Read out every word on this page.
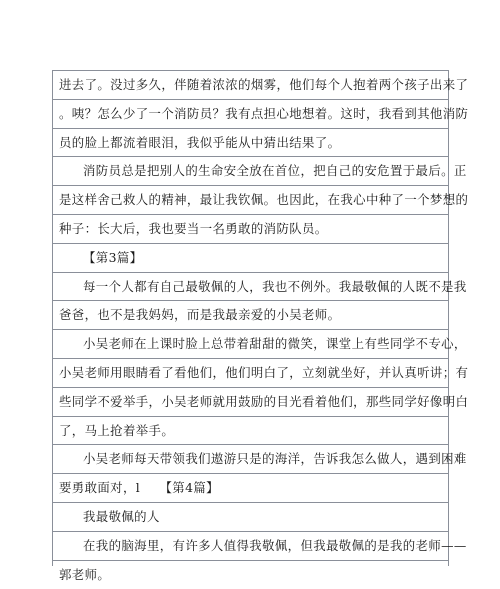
进去了。没过多久，伴随着浓浓的烟雾，他们每个人抱着两个孩子出来了
。咦？怎么少了一个消防员？我有点担心地想着。这时，我看到其他消防
员的脸上都流着眼泪，我似乎能从中猜出结果了。
消防员总是把别人的生命安全放在首位，把自己的安危置于最后。正
是这样舍己救人的精神，最让我钦佩。也因此，在我心中种了一个梦想的
种子：长大后，我也要当一名勇敢的消防队员。
【第3篇】
每一个人都有自己最敬佩的人，我也不例外。我最敬佩的人既不是我
爸爸，也不是我妈妈，而是我最亲爱的小吴老师。
小吴老师在上课时脸上总带着甜甜的微笑，课堂上有些同学不专心，
小吴老师用眼睛看了看他们，他们明白了，立刻就坐好，并认真听讲；有
些同学不爱举手，小吴老师就用鼓励的目光看着他们，那些同学好像明白
了，马上抢着举手。
小吴老师每天带领我们遨游只是的海洋，告诉我怎么做人，遇到困难
要勇敢面对，l　　【第4篇】
我最敬佩的人
在我的脑海里，有许多人值得我敬佩，但我最敬佩的是我的老师——
郭老师。
